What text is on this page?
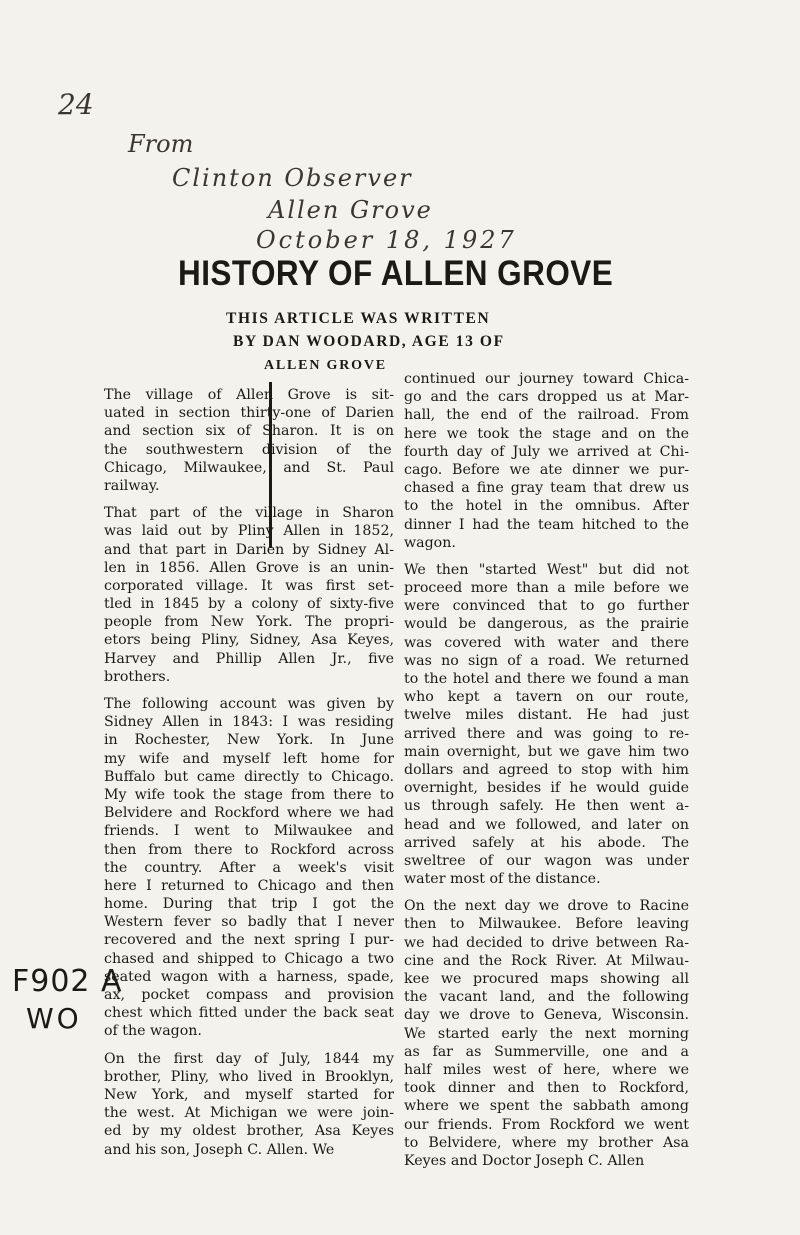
24
From
Clinton Observer
Allen Grove
October 18, 1927
F902 A
WO
HISTORY OF ALLEN GROVE
THIS ARTICLE WAS WRITTEN
BY DAN WOODARD, AGE 13 OF
ALLEN GROVE
The village of Allen Grove is sit-
uated in section thirty-one of Darien
and section six of Sharon. It is on
the southwestern division of the
Chicago, Milwaukee, and St. Paul
railway.
That part of the village in Sharon
was laid out by Pliny Allen in 1852,
and that part in Darien by Sidney Al-
len in 1856. Allen Grove is an unin-
corporated village. It was first set-
tled in 1845 by a colony of sixty-five
people from New York. The propri-
etors being Pliny, Sidney, Asa Keyes,
Harvey and Phillip Allen Jr., five
brothers.
The following account was given by
Sidney Allen in 1843: I was residing
in Rochester, New York. In June
my wife and myself left home for
Buffalo but came directly to Chicago.
My wife took the stage from there to
Belvidere and Rockford where we had
friends. I went to Milwaukee and
then from there to Rockford across
the country. After a week's visit
here I returned to Chicago and then
home. During that trip I got the
Western fever so badly that I never
recovered and the next spring I pur-
chased and shipped to Chicago a two
seated wagon with a harness, spade,
ax, pocket compass and provision
chest which fitted under the back seat
of the wagon.
On the first day of July, 1844 my
brother, Pliny, who lived in Brooklyn,
New York, and myself started for
the west. At Michigan we were join-
ed by my oldest brother, Asa Keyes
and his son, Joseph C. Allen. We
continued our journey toward Chica-
go and the cars dropped us at Mar-
hall, the end of the railroad. From
here we took the stage and on the
fourth day of July we arrived at Chi-
cago. Before we ate dinner we pur-
chased a fine gray team that drew us
to the hotel in the omnibus. After
dinner I had the team hitched to the
wagon.
We then "started West" but did not
proceed more than a mile before we
were convinced that to go further
would be dangerous, as the prairie
was covered with water and there
was no sign of a road. We returned
to the hotel and there we found a man
who kept a tavern on our route,
twelve miles distant. He had just
arrived there and was going to re-
main overnight, but we gave him two
dollars and agreed to stop with him
overnight, besides if he would guide
us through safely. He then went a-
head and we followed, and later on
arrived safely at his abode. The
sweltree of our wagon was under
water most of the distance.
On the next day we drove to Racine
then to Milwaukee. Before leaving
we had decided to drive between Ra-
cine and the Rock River. At Milwau-
kee we procured maps showing all
the vacant land, and the following
day we drove to Geneva, Wisconsin.
We started early the next morning
as far as Summerville, one and a
half miles west of here, where we
took dinner and then to Rockford,
where we spent the sabbath among
our friends. From Rockford we went
to Belvidere, where my brother Asa
Keyes and Doctor Joseph C. Allen
